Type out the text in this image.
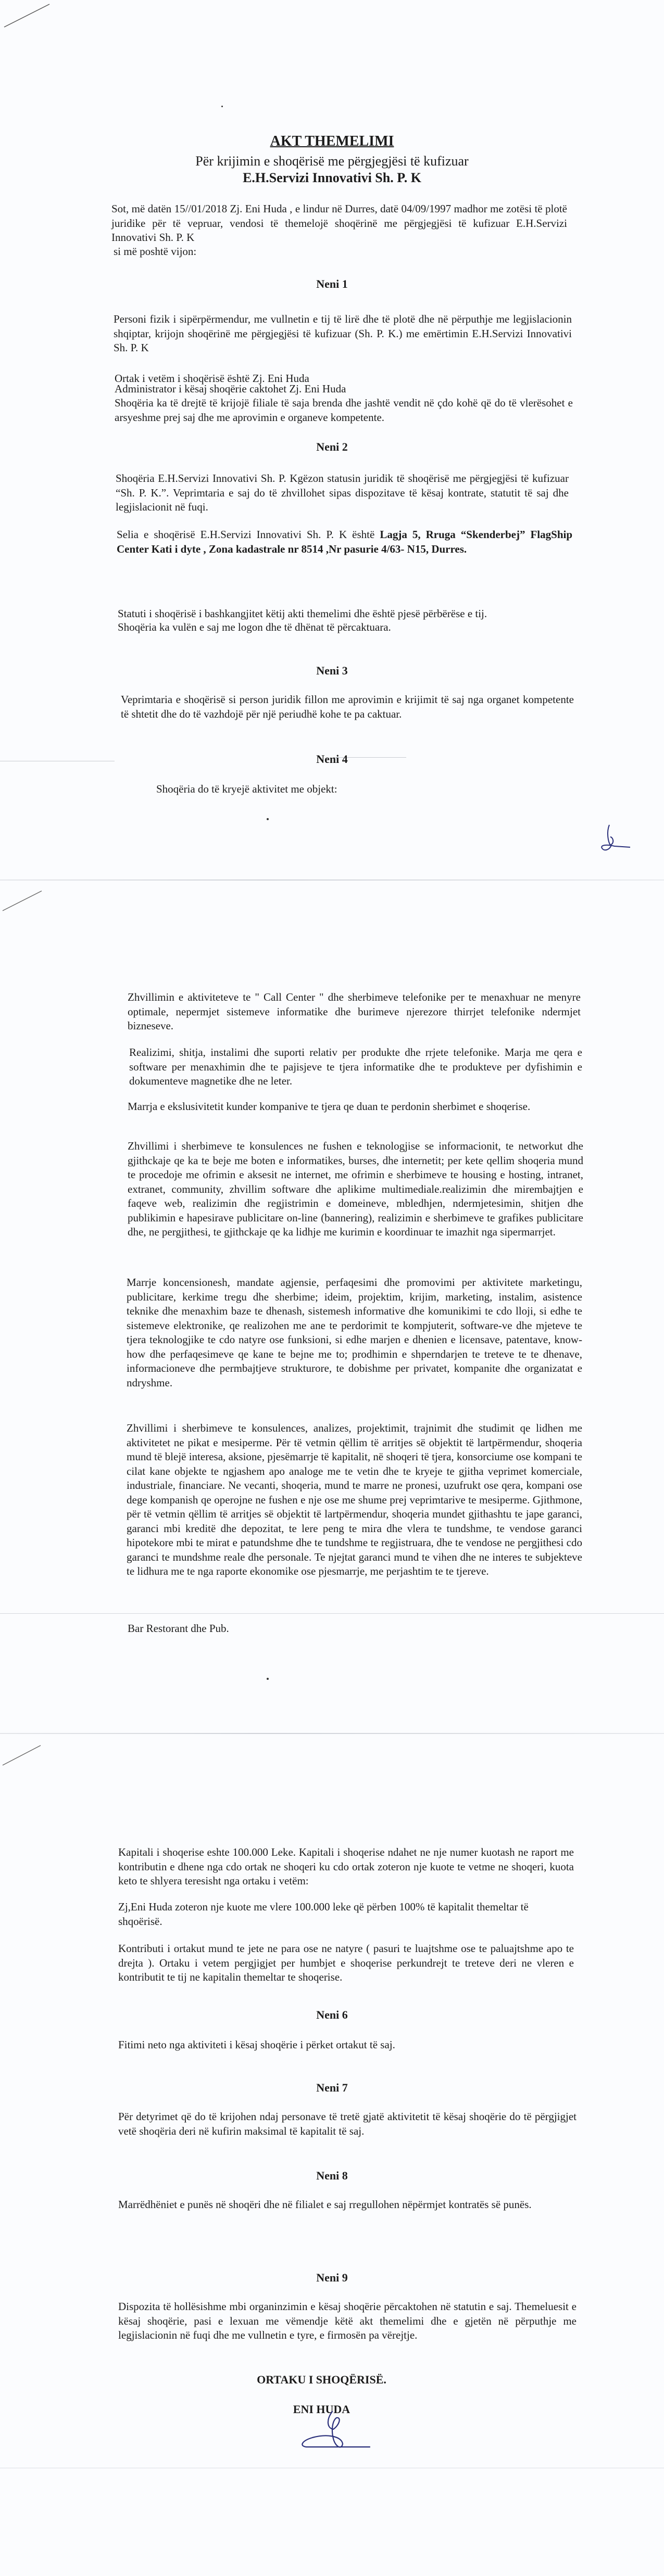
AKT THEMELIMI
Për krijimin e shoqërisë me përgjegjësi të kufizuar
E.H.Servizi Innovativi Sh. P. K
Sot, më datën 15//01/2018 Zj. Eni Huda , e lindur në Durres, datë 04/09/1997 madhor me zotësi të plotë juridike për të vepruar, vendosi të themelojë shoqërinë me përgjegjësi të kufizuar E.H.Servizi Innovativi Sh. P. K
si më poshtë vijon:
Neni 1
Personi fizik i sipërpërmendur, me vullnetin e tij të lirë dhe të plotë dhe në përputhje me legjislacionin shqiptar, krijojn shoqërinë me përgjegjësi të kufizuar (Sh. P. K.) me emërtimin E.H.Servizi Innovativi Sh. P. K
Ortak i vetëm i shoqërisë është Zj. Eni Huda
Administrator i kësaj shoqërie caktohet Zj. Eni Huda
Shoqëria ka të drejtë të krijojë filiale të saja brenda dhe jashtë vendit në çdo kohë që do të vlerësohet e arsyeshme prej saj dhe me aprovimin e organeve kompetente.
Neni 2
Shoqëria E.H.Servizi Innovativi Sh. P. Kgëzon statusin juridik të shoqërisë me përgjegjësi të kufizuar “Sh. P. K.”. Veprimtaria e saj do të zhvillohet sipas dispozitave të kësaj kontrate, statutit të saj dhe legjislacionit në fuqi.
Selia e shoqërisë E.H.Servizi Innovativi Sh. P. K është Lagja 5, Rruga “Skenderbej” FlagShip Center Kati i dyte , Zona kadastrale nr 8514 ,Nr pasurie 4/63- N15, Durres.
Statuti i shoqërisë i bashkangjitet këtij akti themelimi dhe është pjesë përbërëse e tij.
Shoqëria ka vulën e saj me logon dhe të dhënat të përcaktuara.
Neni 3
Veprimtaria e shoqërisë si person juridik fillon me aprovimin e krijimit të saj nga organet kompetente të shtetit dhe do të vazhdojë për një periudhë kohe te pa caktuar.
Neni 4
Shoqëria do të kryejë aktivitet me objekt:
Zhvillimin e aktiviteteve te " Call Center " dhe sherbimeve telefonike per te menaxhuar ne menyre optimale, nepermjet sistemeve informatike dhe burimeve njerezore thirrjet telefonike ndermjet bizneseve.
Realizimi, shitja, instalimi dhe suporti relativ per produkte dhe rrjete telefonike. Marja me qera e software per menaxhimin dhe te pajisjeve te tjera informatike dhe te produkteve per dyfishimin e dokumenteve magnetike dhe ne leter.
Marrja e ekslusivitetit kunder kompanive te tjera qe duan te perdonin sherbimet e shoqerise.
Zhvillimi i sherbimeve te konsulences ne fushen e teknologjise se informacionit, te networkut dhe gjithckaje qe ka te beje me boten e informatikes, burses, dhe internetit; per kete qellim shoqeria mund te procedoje me ofrimin e aksesit ne internet, me ofrimin e sherbimeve te housing e hosting, intranet, extranet, community, zhvillim software dhe aplikime multimediale.realizimin dhe mirembajtjen e faqeve web, realizimin dhe regjistrimin e domeineve, mbledhjen, ndermjetesimin, shitjen dhe publikimin e hapesirave publicitare on-line (bannering), realizimin e sherbimeve te grafikes publicitare dhe, ne pergjithesi, te gjithckaje qe ka lidhje me kurimin e koordinuar te imazhit nga sipermarrjet.
Marrje koncensionesh, mandate agjensie, perfaqesimi dhe promovimi per aktivitete marketingu, publicitare, kerkime tregu dhe sherbime; ideim, projektim, krijim, marketing, instalim, asistence teknike dhe menaxhim baze te dhenash, sistemesh informative dhe komunikimi te cdo lloji, si edhe te sistemeve elektronike, qe realizohen me ane te perdorimit te kompjuterit, software-ve dhe mjeteve te tjera teknologjike te cdo natyre ose funksioni, si edhe marjen e dhenien e licensave, patentave, know-how dhe perfaqesimeve qe kane te bejne me to; prodhimin e shperndarjen te treteve te te dhenave, informacioneve dhe permbajtjeve strukturore, te dobishme per privatet, kompanite dhe organizatat e ndryshme.
Zhvillimi i sherbimeve te konsulences, analizes, projektimit, trajnimit dhe studimit qe lidhen me aktivitetet ne pikat e mesiperme. Për të vetmin qëllim të arritjes së objektit të lartpërmendur, shoqeria mund të blejë interesa, aksione, pjesëmarrje të kapitalit, në shoqeri të tjera, konsorciume ose kompani te cilat kane objekte te ngjashem apo analoge me te vetin dhe te kryeje te gjitha veprimet komerciale, industriale, financiare. Ne vecanti, shoqeria, mund te marre ne pronesi, uzufrukt ose qera, kompani ose dege kompanish qe operojne ne fushen e nje ose me shume prej veprimtarive te mesiperme. Gjithmone, për të vetmin qëllim të arritjes së objektit të lartpërmendur, shoqeria mundet gjithashtu te jape garanci, garanci mbi kreditë dhe depozitat, te lere peng te mira dhe vlera te tundshme, te vendose garanci hipotekore mbi te mirat e patundshme dhe te tundshme te regjistruara, dhe te vendose ne pergjithesi cdo garanci te mundshme reale dhe personale. Te njejtat garanci mund te vihen dhe ne interes te subjekteve te lidhura me te nga raporte ekonomike ose pjesmarrje, me perjashtim te te tjereve.
Bar Restorant dhe Pub.
Kapitali i shoqerise eshte 100.000 Leke. Kapitali i shoqerise ndahet ne nje numer kuotash ne raport me kontributin e dhene nga cdo ortak ne shoqeri ku cdo ortak zoteron nje kuote te vetme ne shoqeri, kuota keto te shlyera teresisht nga ortaku i vetëm:
Zj,Eni Huda zoteron nje kuote me vlere 100.000 leke që përben 100% të kapitalit themeltar të shqoërisë.
Kontributi i ortakut mund te jete ne para ose ne natyre ( pasuri te luajtshme ose te paluajtshme apo te drejta ). Ortaku i vetem pergjigjet per humbjet e shoqerise perkundrejt te treteve deri ne vleren e kontributit te tij ne kapitalin themeltar te shoqerise.
Neni 6
Fitimi neto nga aktiviteti i kësaj shoqërie i përket ortakut të saj.
Neni 7
Për detyrimet që do të krijohen ndaj personave të tretë gjatë aktivitetit të kësaj shoqërie do të përgjigjet vetë shoqëria deri në kufirin maksimal të kapitalit të saj.
Neni 8
Marrëdhëniet e punës në shoqëri dhe në filialet e saj rregullohen nëpërmjet kontratës së punës.
Neni 9
Dispozita të hollësishme mbi organinzimin e kësaj shoqërie përcaktohen në statutin e saj. Themeluesit e kësaj shoqërie, pasi e lexuan me vëmendje këtë akt themelimi dhe e gjetën në përputhje me legjislacionin në fuqi dhe me vullnetin e tyre, e firmosën pa vërejtje.
ORTAKU I SHOQËRISË.
ENI HUDA
